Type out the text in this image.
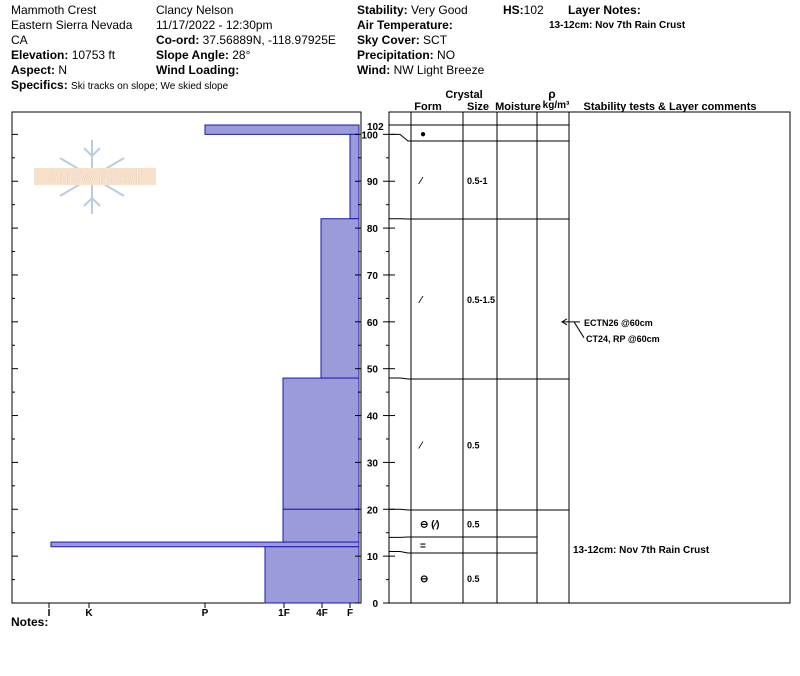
Mammoth Crest
Eastern Sierra Nevada
CA
Elevation: 10753 ft
Aspect: N
Specifics: Ski tracks on slope; We skied slope
Clancy Nelson
11/17/2022 - 12:30pm
Co-ord: 37.56889N, -118.97925E
Slope Angle: 28°
Wind Loading:
Stability: Very Good
Air Temperature:
Sky Cover: SCT
Precipitation: NO
Wind: NW Light Breeze
HS:102 Layer Notes:
13-12cm: Nov 7th Rain Crust
Notes:
SNOW PILOT
I	K	P	1F	4F F
0
10
20
30
40
50
60
70
80
90
100
102
Crystal
Form Size Moisture
ρ
kg/m³ Stability tests & Layer comments
●
⁄	0.5-1
⁄	0.5-1.5
⁄	0.5
⊖ (⁄)	0.5
=
⊖	0.5
ECTN26 @60cm
CT24, RP @60cm
13-12cm: Nov 7th Rain Crust
